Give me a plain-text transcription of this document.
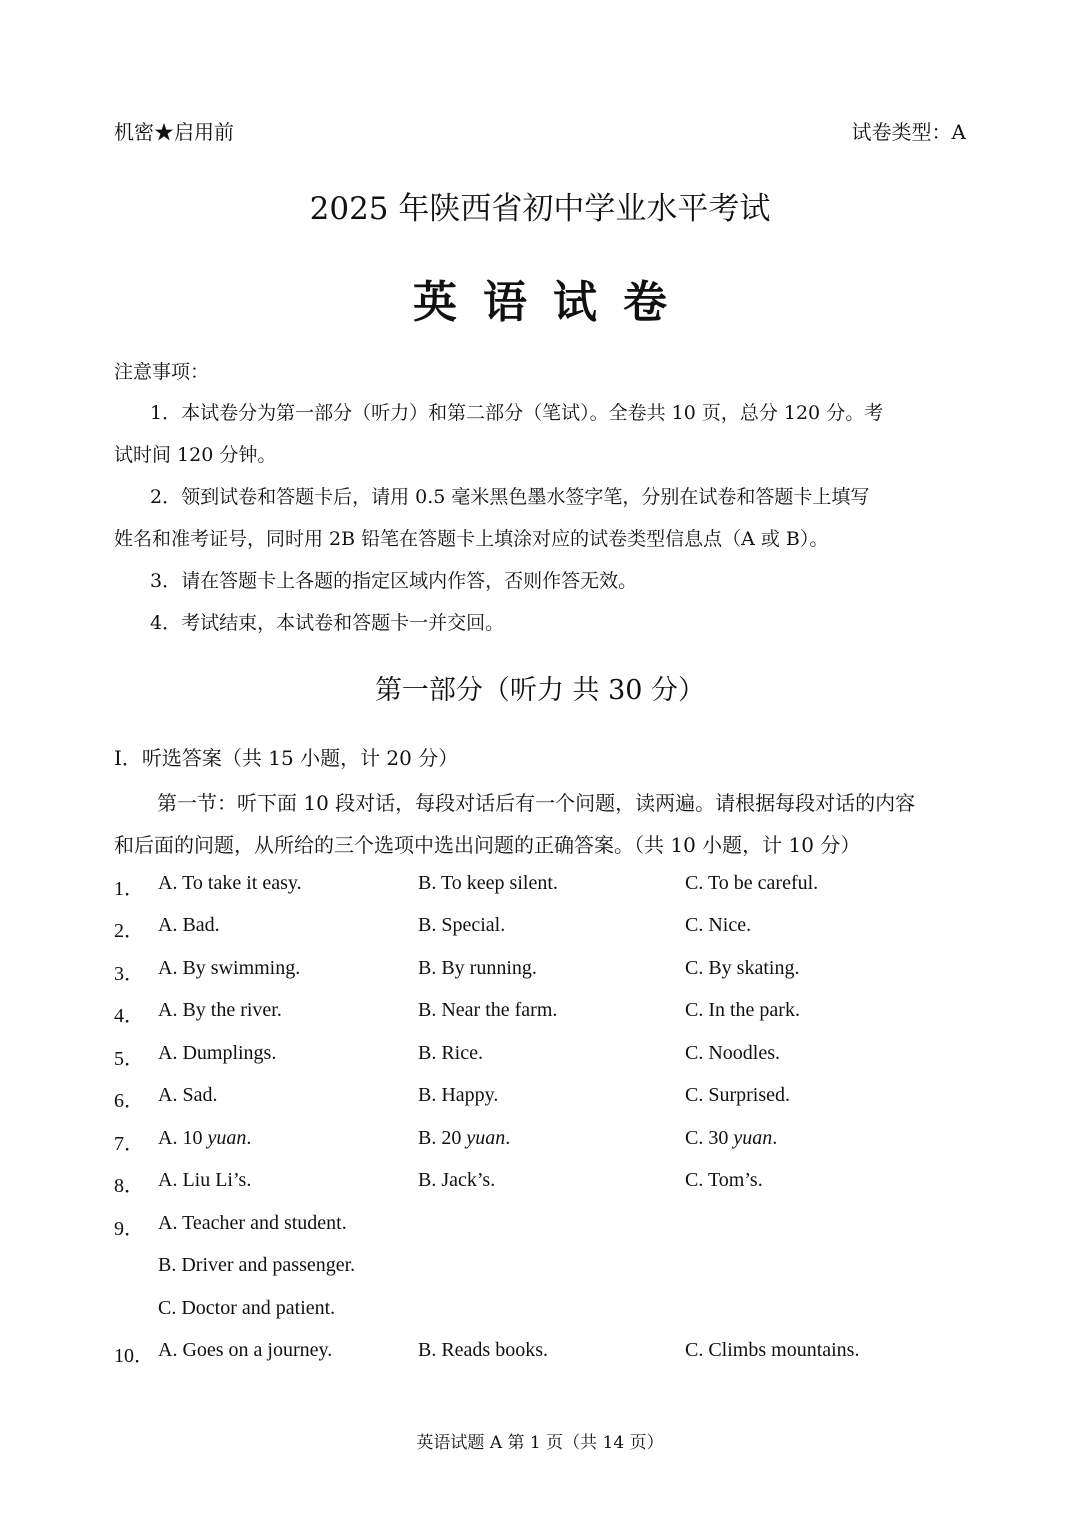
机密★启用前	试卷类型：A
2025 年陕西省初中学业水平考试
英语试卷
注意事项：
1．本试卷分为第一部分（听力）和第二部分（笔试）。全卷共 10 页，总分 120 分。考
试时间 120 分钟。
2．领到试卷和答题卡后，请用 0.5 毫米黑色墨水签字笔，分别在试卷和答题卡上填写
姓名和准考证号，同时用 2B 铅笔在答题卡上填涂对应的试卷类型信息点（A 或 B）。
3．请在答题卡上各题的指定区域内作答，否则作答无效。
4．考试结束，本试卷和答题卡一并交回。
第一部分（听力 共 30 分）
Ⅰ．听选答案（共 15 小题，计 20 分）
第一节：听下面 10 段对话，每段对话后有一个问题，读两遍。请根据每段对话的内容
和后面的问题，从所给的三个选项中选出问题的正确答案。（共 10 小题，计 10 分）
1． A. To take it easy.	B. To keep silent.	C. To be careful.
2． A. Bad.	B. Special.	C. Nice.
3． A. By swimming.	B. By running.	C. By skating.
4． A. By the river.	B. Near the farm.	C. In the park.
5． A. Dumplings.	B. Rice.	C. Noodles.
6． A. Sad.	B. Happy.	C. Surprised.
7． A. 10 yuan.	B. 20 yuan.	C. 30 yuan.
8． A. Liu Li’s.	B. Jack’s.	C. Tom’s.
9． A. Teacher and student.
B. Driver and passenger.
C. Doctor and patient.
10． A. Goes on a journey.	B. Reads books.	C. Climbs mountains.
英语试题 A 第 1 页（共 14 页）
